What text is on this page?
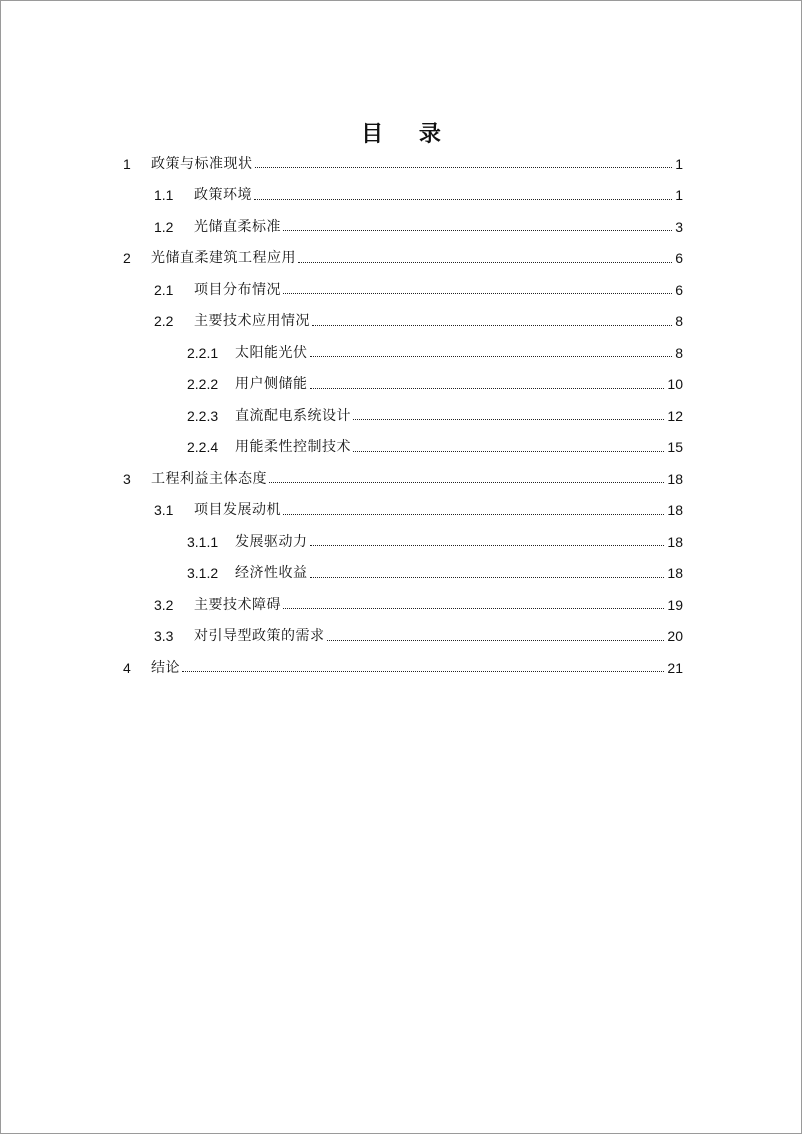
目 录
1	政策与标准现状	1
1.1	政策环境	1
1.2	光储直柔标准	3
2	光储直柔建筑工程应用	6
2.1	项目分布情况	6
2.2	主要技术应用情况	8
2.2.1	太阳能光伏	8
2.2.2	用户侧储能	10
2.2.3	直流配电系统设计	12
2.2.4	用能柔性控制技术	15
3	工程利益主体态度	18
3.1	项目发展动机	18
3.1.1	发展驱动力	18
3.1.2	经济性收益	18
3.2	主要技术障碍	19
3.3	对引导型政策的需求	20
4	结论	21
